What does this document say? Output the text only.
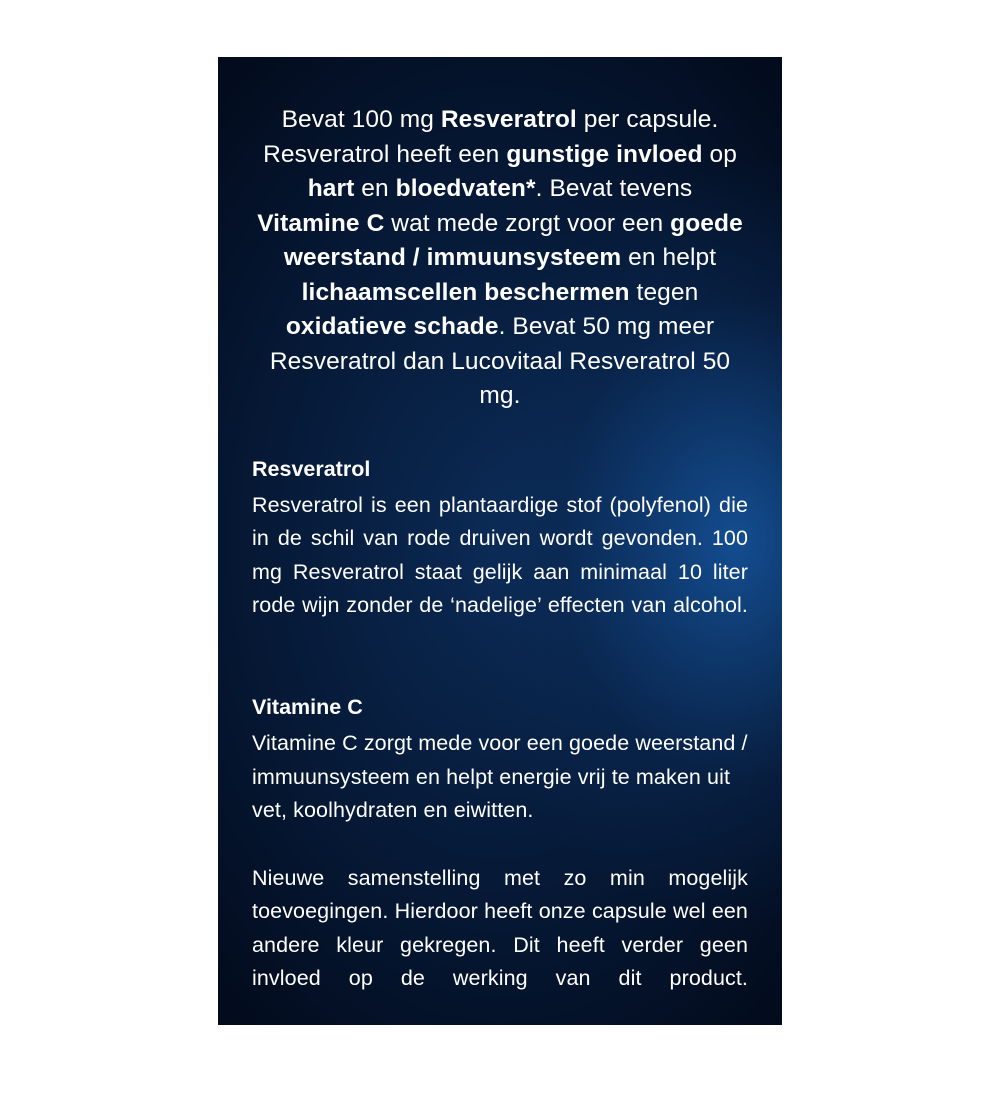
Bevat 100 mg Resveratrol per capsule. Resveratrol heeft een gunstige invloed op hart en bloedvaten*. Bevat tevens Vitamine C wat mede zorgt voor een goede weerstand / immuunsysteem en helpt lichaamscellen beschermen tegen oxidatieve schade. Bevat 50 mg meer Resveratrol dan Lucovitaal Resveratrol 50 mg.

Resveratrol

Resveratrol is een plantaardige stof (polyfenol) die in de schil van rode druiven wordt gevonden. 100 mg Resveratrol staat gelijk aan minimaal 10 liter rode wijn zonder de ‘nadelige’ effecten van alcohol.

Vitamine C

Vitamine C zorgt mede voor een goede weerstand / immuunsysteem en helpt energie vrij te maken uit vet, koolhydraten en eiwitten.

Nieuwe samenstelling met zo min mogelijk toevoegingen. Hierdoor heeft onze capsule wel een andere kleur gekregen. Dit heeft verder geen invloed op de werking van dit product.

*Gezondheidsclaim in afwachting van Europese toelating
